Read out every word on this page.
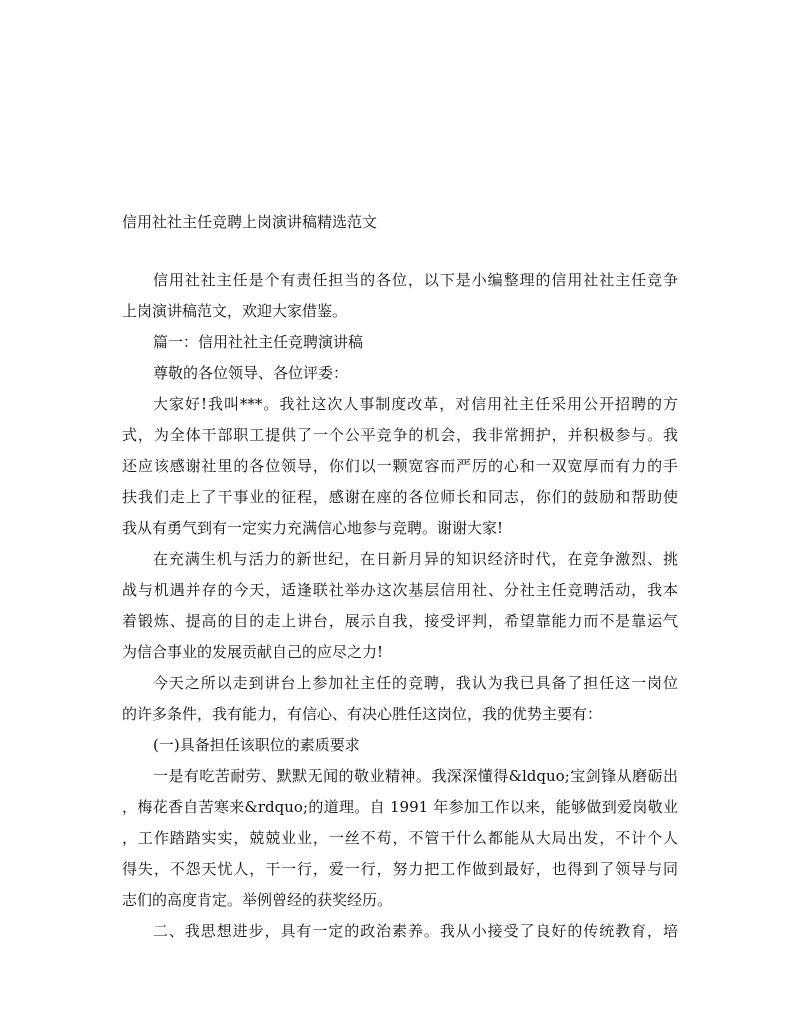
信用社社主任竞聘上岗演讲稿精选范文
信用社社主任是个有责任担当的各位，以下是小编整理的信用社社主任竞争
上岗演讲稿范文，欢迎大家借鉴。
篇一：信用社社主任竞聘演讲稿
尊敬的各位领导、各位评委：
大家好!我叫***。我社这次人事制度改革，对信用社主任采用公开招聘的方
式，为全体干部职工提供了一个公平竞争的机会，我非常拥护，并积极参与。我
还应该感谢社里的各位领导，你们以一颗宽容而严厉的心和一双宽厚而有力的手
扶我们走上了干事业的征程，感谢在座的各位师长和同志，你们的鼓励和帮助使
我从有勇气到有一定实力充满信心地参与竞聘。谢谢大家!
在充满生机与活力的新世纪，在日新月异的知识经济时代，在竞争激烈、挑
战与机遇并存的今天，适逢联社举办这次基层信用社、分社主任竞聘活动，我本
着锻炼、提高的目的走上讲台，展示自我，接受评判，希望靠能力而不是靠运气
为信合事业的发展贡献自己的应尽之力!
今天之所以走到讲台上参加社主任的竞聘，我认为我已具备了担任这一岗位
的许多条件，我有能力，有信心、有决心胜任这岗位，我的优势主要有：
(一)具备担任该职位的素质要求
一是有吃苦耐劳、默默无闻的敬业精神。我深深懂得&ldquo;宝剑锋从磨砺出
，梅花香自苦寒来&rdquo;的道理。自 1991 年参加工作以来，能够做到爱岗敬业
，工作踏踏实实，兢兢业业，一丝不苟，不管干什么都能从大局出发，不计个人
得失，不怨天忧人，干一行，爱一行，努力把工作做到最好，也得到了领导与同
志们的高度肯定。举例曾经的获奖经历。
二、我思想进步，具有一定的政治素养。我从小接受了良好的传统教育，培
